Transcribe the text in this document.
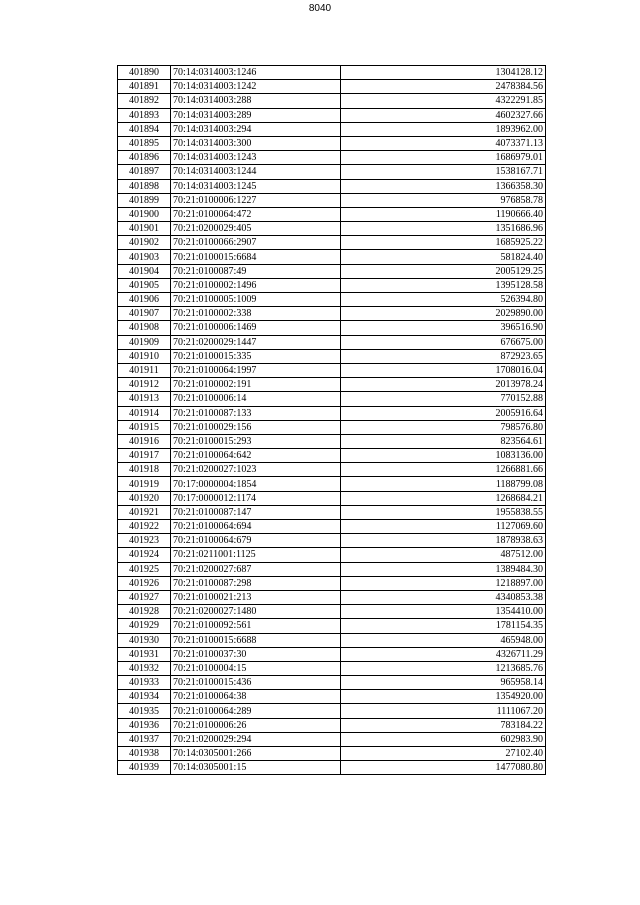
8040
401890	70:14:0314003:1246	1304128.12
401891	70:14:0314003:1242	2478384.56
401892	70:14:0314003:288	4322291.85
401893	70:14:0314003:289	4602327.66
401894	70:14:0314003:294	1893962.00
401895	70:14:0314003:300	4073371.13
401896	70:14:0314003:1243	1686979.01
401897	70:14:0314003:1244	1538167.71
401898	70:14:0314003:1245	1366358.30
401899	70:21:0100006:1227	976858.78
401900	70:21:0100064:472	1190666.40
401901	70:21:0200029:405	1351686.96
401902	70:21:0100066:2907	1685925.22
401903	70:21:0100015:6684	581824.40
401904	70:21:0100087:49	2005129.25
401905	70:21:0100002:1496	1395128.58
401906	70:21:0100005:1009	526394.80
401907	70:21:0100002:338	2029890.00
401908	70:21:0100006:1469	396516.90
401909	70:21:0200029:1447	676675.00
401910	70:21:0100015:335	872923.65
401911	70:21:0100064:1997	1708016.04
401912	70:21:0100002:191	2013978.24
401913	70:21:0100006:14	770152.88
401914	70:21:0100087:133	2005916.64
401915	70:21:0100029:156	798576.80
401916	70:21:0100015:293	823564.61
401917	70:21:0100064:642	1083136.00
401918	70:21:0200027:1023	1266881.66
401919	70:17:0000004:1854	1188799.08
401920	70:17:0000012:1174	1268684.21
401921	70:21:0100087:147	1955838.55
401922	70:21:0100064:694	1127069.60
401923	70:21:0100064:679	1878938.63
401924	70:21:0211001:1125	487512.00
401925	70:21:0200027:687	1389484.30
401926	70:21:0100087:298	1218897.00
401927	70:21:0100021:213	4340853.38
401928	70:21:0200027:1480	1354410.00
401929	70:21:0100092:561	1781154.35
401930	70:21:0100015:6688	465948.00
401931	70:21:0100037:30	4326711.29
401932	70:21:0100004:15	1213685.76
401933	70:21:0100015:436	965958.14
401934	70:21:0100064:38	1354920.00
401935	70:21:0100064:289	1111067.20
401936	70:21:0100006:26	783184.22
401937	70:21:0200029:294	602983.90
401938	70:14:0305001:266	27102.40
401939	70:14:0305001:15	1477080.80
